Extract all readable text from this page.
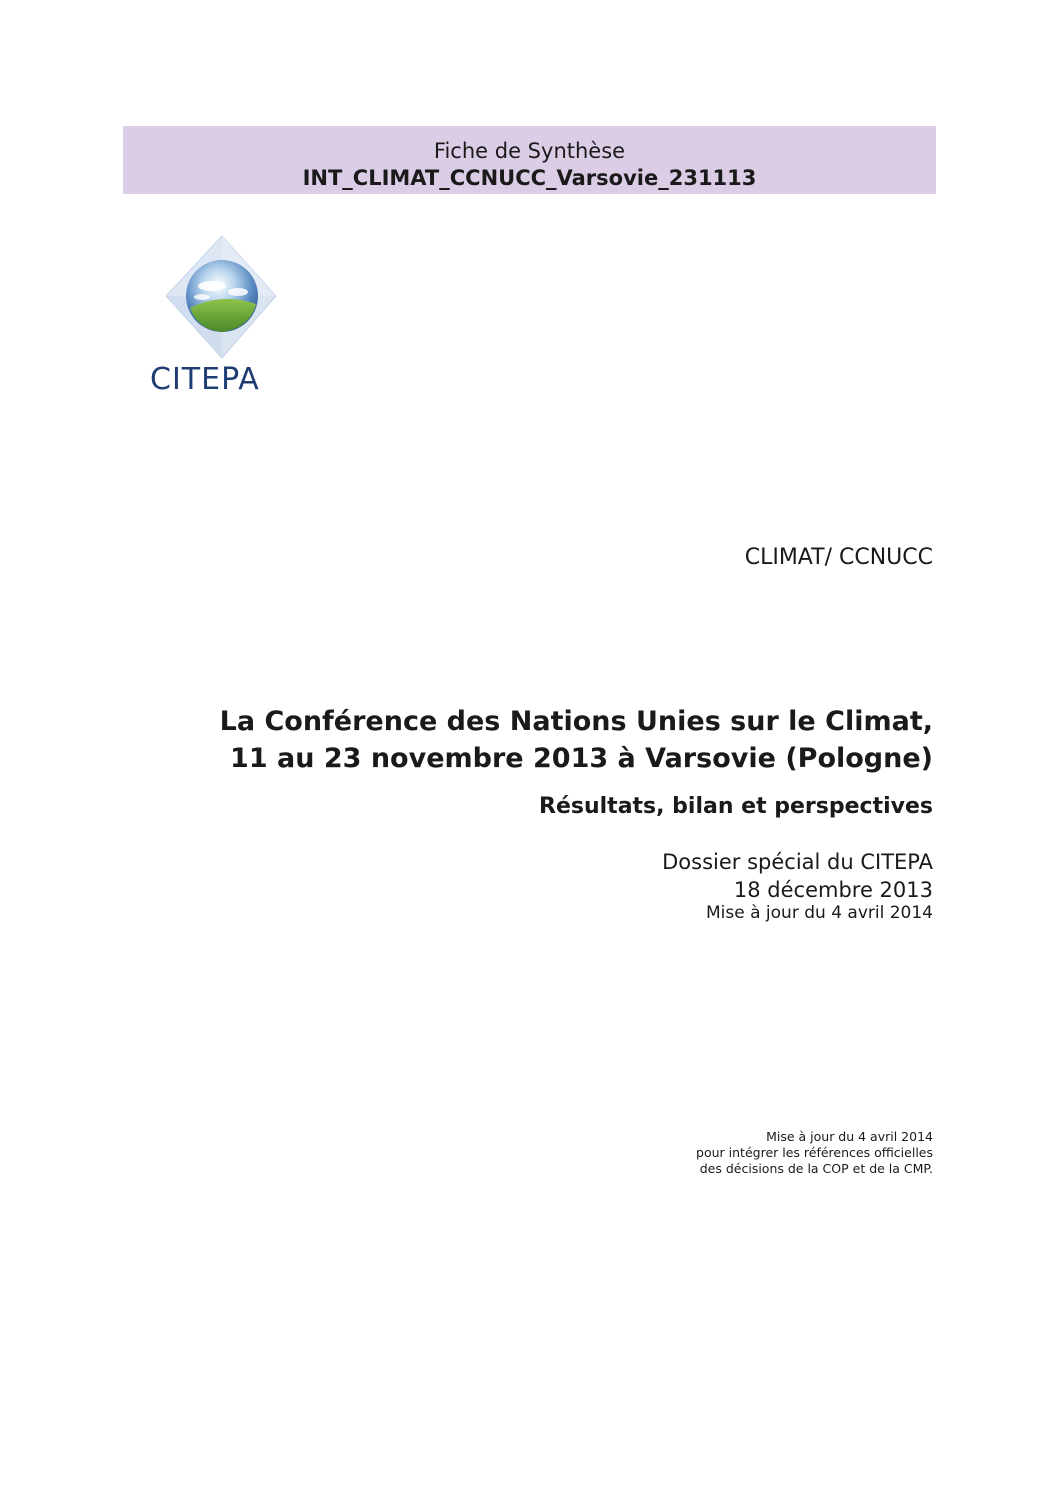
Fiche de Synthèse
INT_CLIMAT_CCNUCC_Varsovie_231113
CITEPA
CLIMAT/ CCNUCC
La Conférence des Nations Unies sur le Climat,
11 au 23 novembre 2013 à Varsovie (Pologne)
Résultats, bilan et perspectives
Dossier spécial du CITEPA
18 décembre 2013
Mise à jour du 4 avril 2014
Mise à jour du 4 avril 2014
pour intégrer les références officielles
des décisions de la COP et de la CMP.
